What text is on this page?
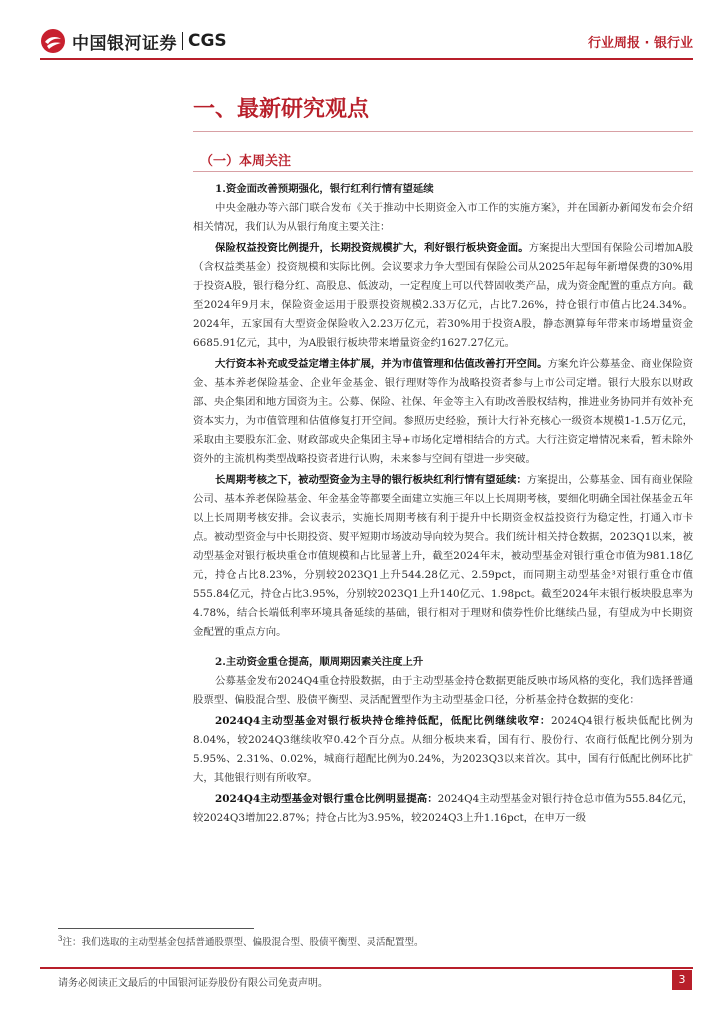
中国银河证券 CGS	行业周报 · 银行业
一、最新研究观点
（一）本周关注

1.资金面改善预期强化，银行红利行情有望延续

中央金融办等六部门联合发布《关于推动中长期资金入市工作的实施方案》，并在国新办新闻发布会介绍相关情况，我们认为从银行角度主要关注：

保险权益投资比例提升，长期投资规模扩大，利好银行板块资金面。方案提出大型国有保险公司增加A股（含权益类基金）投资规模和实际比例。会议要求力争大型国有保险公司从2025年起每年新增保费的30%用于投资A股，银行稳分红、高股息、低波动，一定程度上可以代替固收类产品，成为资金配置的重点方向。截至2024年9月末，保险资金运用于股票投资规模2.33万亿元，占比7.26%，持仓银行市值占比24.34%。2024年，五家国有大型资金保险收入2.23万亿元，若30%用于投资A股，静态测算每年带来市场增量资金6685.91亿元，其中，为A股银行板块带来增量资金约1627.27亿元。

大行资本补充或受益定增主体扩展，并为市值管理和估值改善打开空间。方案允许公募基金、商业保险资金、基本养老保险基金、企业年金基金、银行理财等作为战略投资者参与上市公司定增。银行大股东以财政部、央企集团和地方国资为主。公募、保险、社保、年金等主入有助改善股权结构，推进业务协同并有效补充资本实力，为市值管理和估值修复打开空间。参照历史经验，预计大行补充核心一级资本规模1-1.5万亿元，采取由主要股东汇金、财政部或央企集团主导+市场化定增相结合的方式。大行注资定增情况来看，暂未除外资外的主流机构类型战略投资者进行认购，未来参与空间有望进一步突破。

长周期考核之下，被动型资金为主导的银行板块红利行情有望延续：方案提出，公募基金、国有商业保险公司、基本养老保险基金、年金基金等都要全面建立实施三年以上长周期考核，要细化明确全国社保基金五年以上长周期考核安排。会议表示，实施长周期考核有利于提升中长期资金权益投资行为稳定性，打通入市卡点。被动型资金与中长期投资、熨平短期市场波动导向较为契合。我们统计相关持仓数据，2023Q1以来，被动型基金对银行板块重仓市值规模和占比显著上升，截至2024年末，被动型基金对银行重仓市值为981.18亿元，持仓占比8.23%，分别较2023Q1上升544.28亿元、2.59pct，而同期主动型基金³对银行重仓市值555.84亿元，持仓占比3.95%，分别较2023Q1上升140亿元、1.98pct。截至2024年末银行板块股息率为4.78%，结合长端低利率环境具备延续的基础，银行相对于理财和债券性价比继续凸显，有望成为中长期资金配置的重点方向。

2.主动资金重仓提高，顺周期因素关注度上升

公募基金发布2024Q4重仓持股数据，由于主动型基金持仓数据更能反映市场风格的变化，我们选择普通股票型、偏股混合型、股债平衡型、灵活配置型作为主动型基金口径，分析基金持仓数据的变化：

2024Q4主动型基金对银行板块持仓维持低配，低配比例继续收窄：2024Q4银行板块低配比例为8.04%，较2024Q3继续收窄0.42个百分点。从细分板块来看，国有行、股份行、农商行低配比例分别为5.95%、2.31%、0.02%，城商行超配比例为0.24%，为2023Q3以来首次。其中，国有行低配比例环比扩大，其他银行则有所收窄。

2024Q4主动型基金对银行重仓比例明显提高：2024Q4主动型基金对银行持仓总市值为555.84亿元，较2024Q3增加22.87%；持仓占比为3.95%，较2024Q3上升1.16pct，在申万一级

$^3$注：我们选取的主动型基金包括普通股票型、偏股混合型、股债平衡型、灵活配置型。
请务必阅读正文最后的中国银河证券股份有限公司免责声明。	3
